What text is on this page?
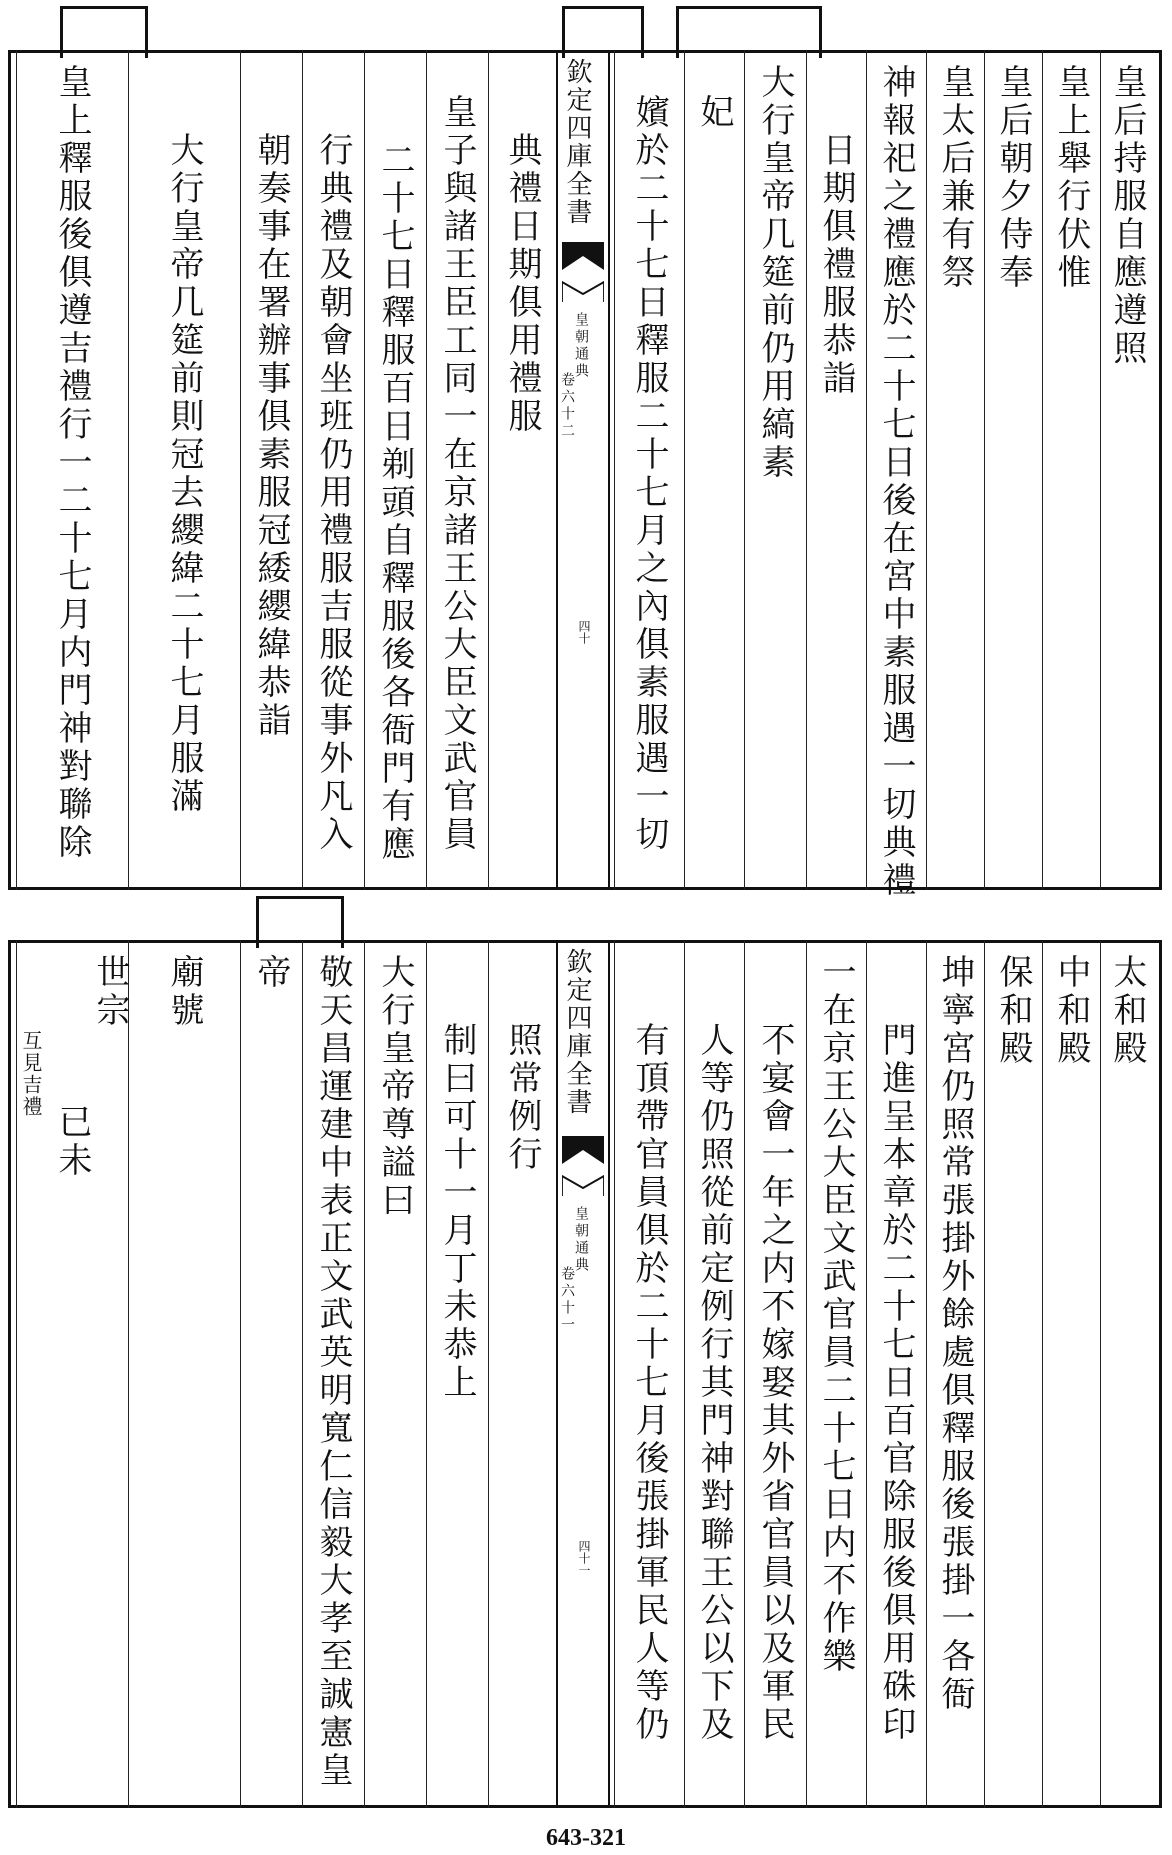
皇后持服自應遵照
皇上舉行伏惟
皇后朝夕侍奉
皇太后兼有祭
神報祀之禮應於二十七日後在宮中素服遇一切典禮
日期俱禮服恭詣
大行皇帝几筵前仍用縞素
妃
嬪於二十七日釋服二十七月之內俱素服遇一切
典禮日期俱用禮服
皇子與諸王臣工同一在京諸王公大臣文武官員
二十七日釋服百日剃頭自釋服後各衙門有應
行典禮及朝會坐班仍用禮服吉服從事外凡入
朝奏事在署辦事俱素服冠緌纓緯恭詣
大行皇帝几筵前則冠去纓緯二十七月服滿
皇上釋服後俱遵吉禮行一二十七月内門神對聯除	欽定四庫全書
皇朝通典
卷六十二
四十
太和殿
中和殿
保和殿
坤寧宮仍照常張掛外餘處俱釋服後張掛一各衙
門進呈本章於二十七日百官除服後俱用硃印
一在京王公大臣文武官員二十七日内不作樂
不宴會一年之内不嫁娶其外省官員以及軍民
人等仍照從前定例行其門神對聯王公以下及
有頂帶官員俱於二十七月後張掛軍民人等仍
照常例行
制曰可十一月丁未恭上
大行皇帝尊謚曰
敬天昌運建中表正文武英明寬仁信毅大孝至誠憲皇
帝
廟號
世宗
互見吉禮
已未
欽定四庫全書
皇朝通典
卷六十一
四十一
643-321
